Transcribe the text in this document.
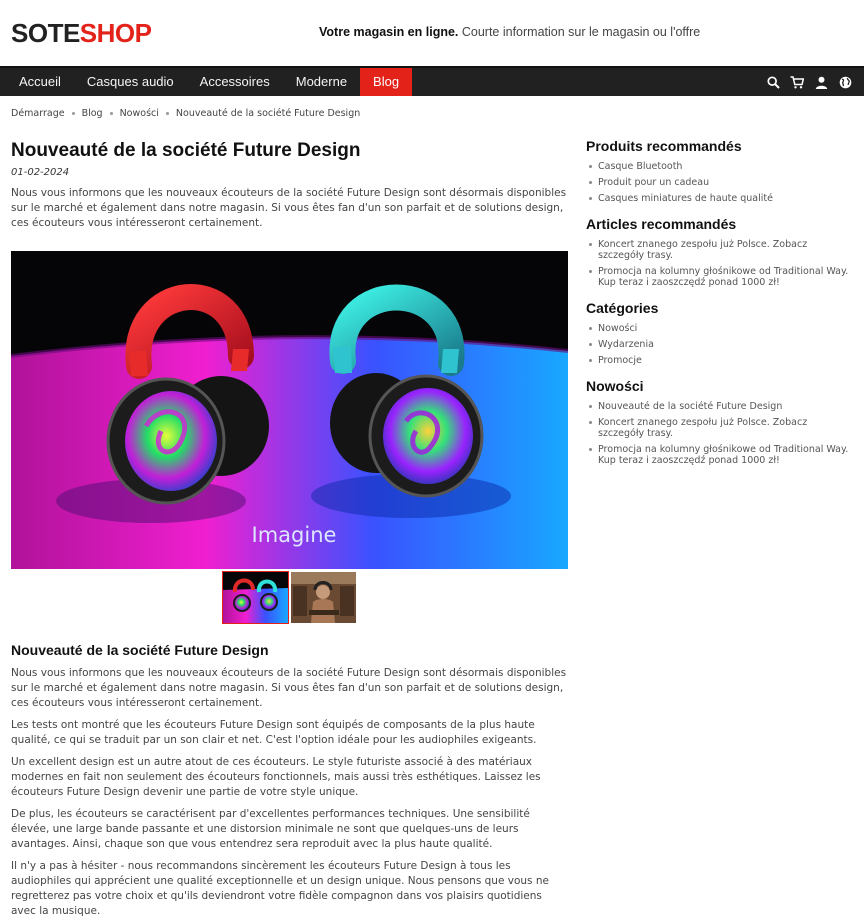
SOTESHOP	Votre magasin en ligne. Courte information sur le magasin ou l'offre
Accueil	Casques audio	Accessoires	Moderne	Blog
Démarrage Blog Nowości Nouveauté de la société Future Design
Nouveauté de la société Future Design
01-02-2024

Nous vous informons que les nouveaux écouteurs de la société Future Design sont désormais disponibles sur le marché et également dans notre magasin. Si vous êtes fan d'un son parfait et de solutions design, ces écouteurs vous intéresseront certainement.

Imagine
Nouveauté de la société Future Design

Nous vous informons que les nouveaux écouteurs de la société Future Design sont désormais disponibles sur le marché et également dans notre magasin. Si vous êtes fan d'un son parfait et de solutions design, ces écouteurs vous intéresseront certainement.

Les tests ont montré que les écouteurs Future Design sont équipés de composants de la plus haute qualité, ce qui se traduit par un son clair et net. C'est l'option idéale pour les audiophiles exigeants.

Un excellent design est un autre atout de ces écouteurs. Le style futuriste associé à des matériaux modernes en fait non seulement des écouteurs fonctionnels, mais aussi très esthétiques. Laissez les écouteurs Future Design devenir une partie de votre style unique.

De plus, les écouteurs se caractérisent par d'excellentes performances techniques. Une sensibilité élevée, une large bande passante et une distorsion minimale ne sont que quelques-uns de leurs avantages. Ainsi, chaque son que vous entendrez sera reproduit avec la plus haute qualité.

Il n'y a pas à hésiter - nous recommandons sincèrement les écouteurs Future Design à tous les audiophiles qui apprécient une qualité exceptionnelle et un design unique. Nous pensons que vous ne regretterez pas votre choix et qu'ils deviendront votre fidèle compagnon dans vos plaisirs quotidiens avec la musique.

Produits recommandés
Casque Bluetooth
Produit pour un cadeau
Casques miniatures de haute qualité
Articles recommandés
Koncert znanego zespołu już Polsce. Zobacz szczegóły trasy.
Promocja na kolumny głośnikowe od Traditional Way. Kup teraz i zaoszczędź ponad 1000 zł!
Catégories
Nowości
Wydarzenia
Promocje
Nowości
Nouveauté de la société Future Design
Koncert znanego zespołu już Polsce. Zobacz szczegóły trasy.
Promocja na kolumny głośnikowe od Traditional Way. Kup teraz i zaoszczędź ponad 1000 zł!
